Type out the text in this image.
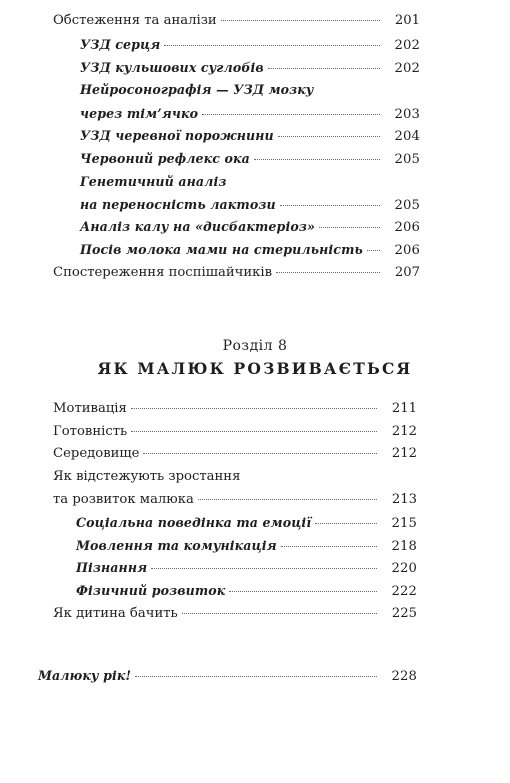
Обстеження та аналізи	201
УЗД серця	202
УЗД кульшових суглобів	202
Нейросонографія — УЗД мозку
через тім’ячко	203
УЗД черевної порожнини	204
Червоний рефлекс ока	205
Генетичний аналіз
на переносність лактози	205
Аналіз калу на «дисбактеріоз»	206
Посів молока мами на стерильність	206
Спостереження поспішайчиків	207
Розділ 8
ЯК МАЛЮК РОЗВИВАЄТЬСЯ
Мотивація	211
Готовність	212
Середовище	212
Як відстежують зростання
та розвиток малюка	213
Соціальна поведінка та емоції	215
Мовлення та комунікація	218
Пізнання	220
Фізичний розвиток	222
Як дитина бачить	225
Малюку рік!	228
